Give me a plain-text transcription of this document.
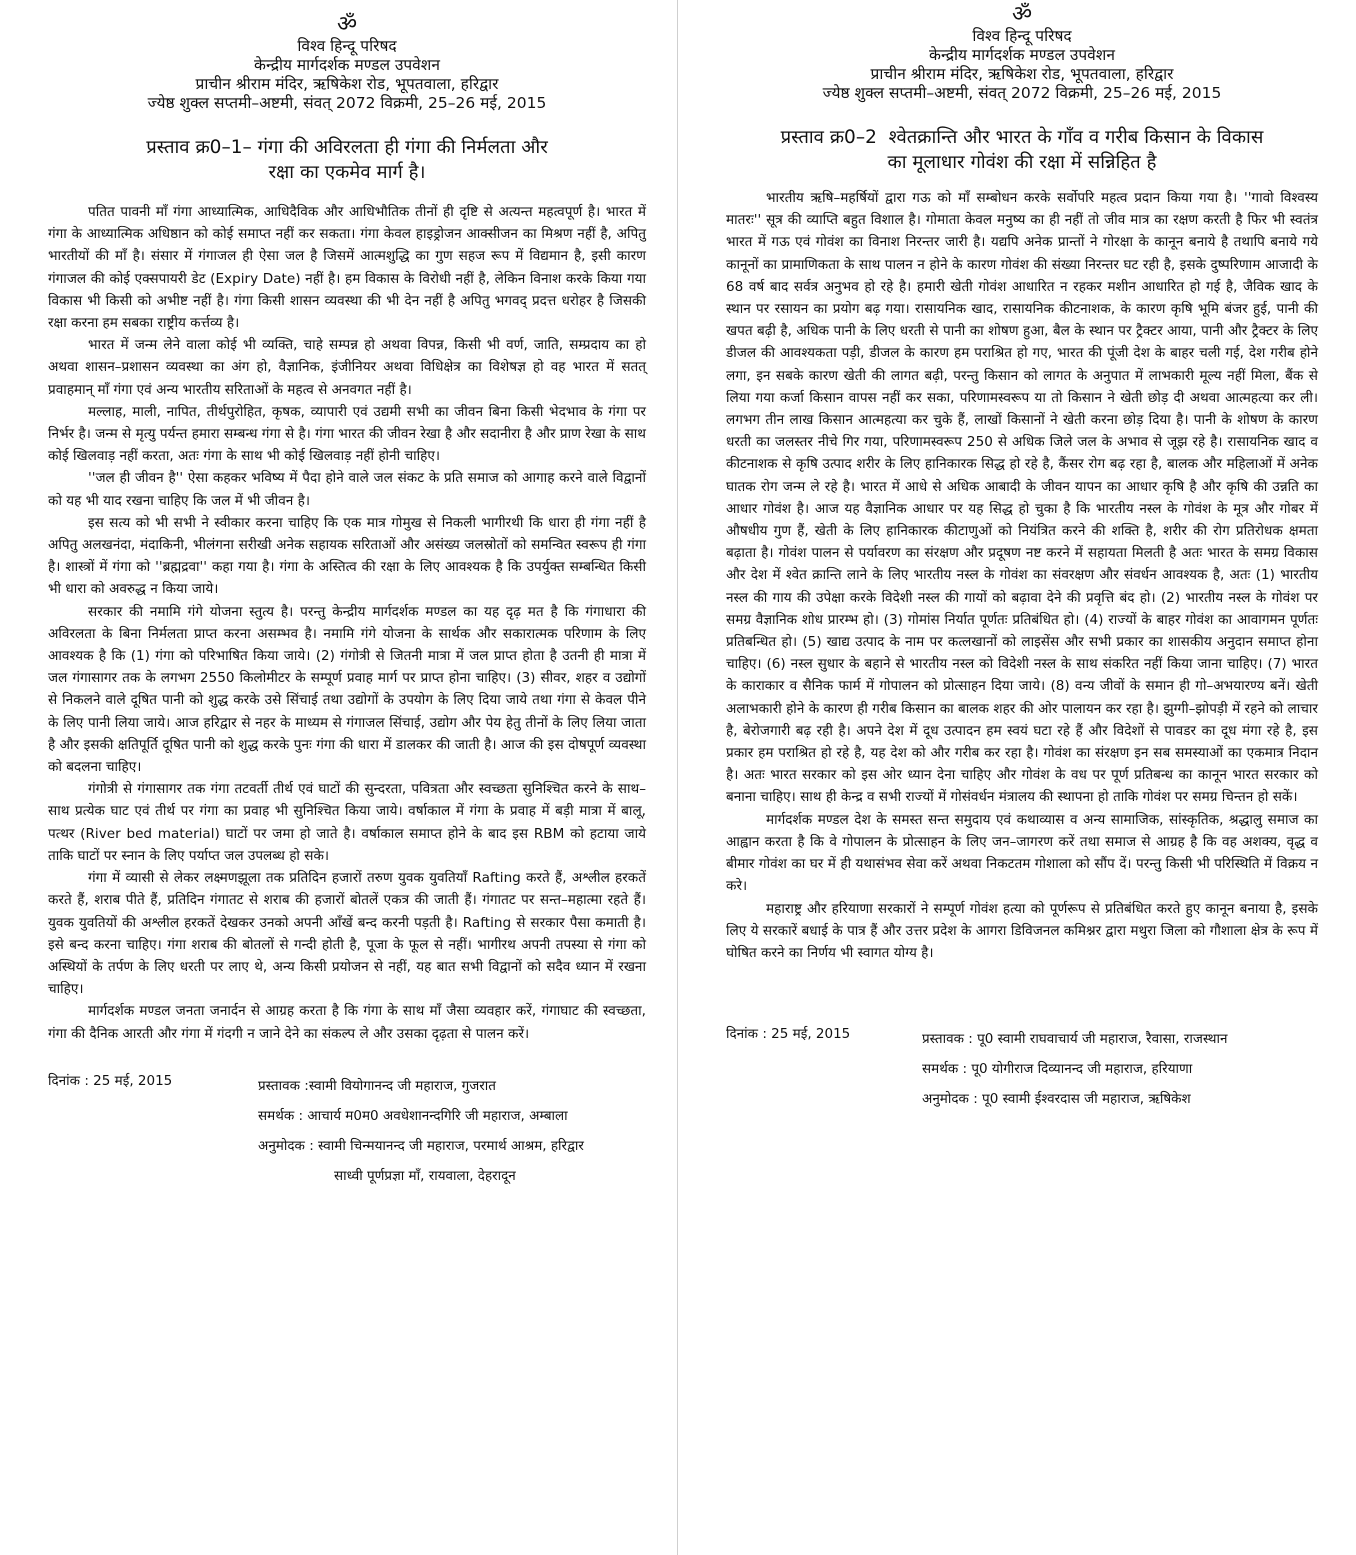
ॐ
विश्व हिन्दू परिषद
केन्द्रीय मार्गदर्शक मण्डल उपवेशन
प्राचीन श्रीराम मंदिर, ऋषिकेश रोड, भूपतवाला, हरिद्वार
ज्येष्ठ शुक्ल सप्तमी–अष्टमी, संवत् 2072 विक्रमी, 25–26 मई, 2015
प्रस्ताव क्र0–1– गंगा की अविरलता ही गंगा की निर्मलता और
रक्षा का एकमेव मार्ग है।

पतित पावनी माँ गंगा आध्यात्मिक, आधिदैविक और आधिभौतिक तीनों ही दृष्टि से अत्यन्त महत्वपूर्ण है। भारत में गंगा के आध्यात्मिक अधिष्ठान को कोई समाप्त नहीं कर सकता। गंगा केवल हाइड्रोजन आक्सीजन का मिश्रण नहीं है, अपितु भारतीयों की माँ है। संसार में गंगाजल ही ऐसा जल है जिसमें आत्मशुद्धि का गुण सहज रूप में विद्यमान है, इसी कारण गंगाजल की कोई एक्सपायरी डेट (Expiry Date) नहीं है। हम विकास के विरोधी नहीं है, लेकिन विनाश करके किया गया विकास भी किसी को अभीष्ट नहीं है। गंगा किसी शासन व्यवस्था की भी देन नहीं है अपितु भगवद् प्रदत्त धरोहर है जिसकी रक्षा करना हम सबका राष्ट्रीय कर्त्तव्य है।

भारत में जन्म लेने वाला कोई भी व्यक्ति, चाहे सम्पन्न हो अथवा विपन्न, किसी भी वर्ण, जाति, सम्प्रदाय का हो अथवा शासन–प्रशासन व्यवस्था का अंग हो, वैज्ञानिक, इंजीनियर अथवा विधिक्षेत्र का विशेषज्ञ हो वह भारत में सतत् प्रवाहमान् माँ गंगा एवं अन्य भारतीय सरिताओं के महत्व से अनवगत नहीं है।

मल्लाह, माली, नापित, तीर्थपुरोहित, कृषक, व्यापारी एवं उद्यमी सभी का जीवन बिना किसी भेदभाव के गंगा पर निर्भर है। जन्म से मृत्यु पर्यन्त हमारा सम्बन्ध गंगा से है। गंगा भारत की जीवन रेखा है और सदानीरा है और प्राण रेखा के साथ कोई खिलवाड़ नहीं करता, अतः गंगा के साथ भी कोई खिलवाड़ नहीं होनी चाहिए।

''जल ही जीवन है'' ऐसा कहकर भविष्य में पैदा होने वाले जल संकट के प्रति समाज को आगाह करने वाले विद्वानों को यह भी याद रखना चाहिए कि जल में भी जीवन है।

इस सत्य को भी सभी ने स्वीकार करना चाहिए कि एक मात्र गोमुख से निकली भागीरथी कि धारा ही गंगा नहीं है अपितु अलखनंदा, मंदाकिनी, भीलंगना सरीखी अनेक सहायक सरिताओं और असंख्य जलस्रोतों को समन्वित स्वरूप ही गंगा है। शास्त्रों में गंगा को ''ब्रह्मद्रवा'' कहा गया है। गंगा के अस्तित्व की रक्षा के लिए आवश्यक है कि उपर्युक्त सम्बन्धित किसी भी धारा को अवरुद्ध न किया जाये।

सरकार की नमामि गंगे योजना स्तुत्य है। परन्तु केन्द्रीय मार्गदर्शक मण्डल का यह दृढ़ मत है कि गंगाधारा की अविरलता के बिना निर्मलता प्राप्त करना असम्भव है। नमामि गंगे योजना के सार्थक और सकारात्मक परिणाम के लिए आवश्यक है कि (1) गंगा को परिभाषित किया जाये। (2) गंगोत्री से जितनी मात्रा में जल प्राप्त होता है उतनी ही मात्रा में जल गंगासागर तक के लगभग 2550 किलोमीटर के सम्पूर्ण प्रवाह मार्ग पर प्राप्त होना चाहिए। (3) सीवर, शहर व उद्योगों से निकलने वाले दूषित पानी को शुद्ध करके उसे सिंचाई तथा उद्योगों के उपयोग के लिए दिया जाये तथा गंगा से केवल पीने के लिए पानी लिया जाये। आज हरिद्वार से नहर के माध्यम से गंगाजल सिंचाई, उद्योग और पेय हेतु तीनों के लिए लिया जाता है और इसकी क्षतिपूर्ति दूषित पानी को शुद्ध करके पुनः गंगा की धारा में डालकर की जाती है। आज की इस दोषपूर्ण व्यवस्था को बदलना चाहिए।

गंगोत्री से गंगासागर तक गंगा तटवर्ती तीर्थ एवं घाटों की सुन्दरता, पवित्रता और स्वच्छता सुनिश्चित करने के साथ–साथ प्रत्येक घाट एवं तीर्थ पर गंगा का प्रवाह भी सुनिश्चित किया जाये। वर्षाकाल में गंगा के प्रवाह में बड़ी मात्रा में बालू, पत्थर (River bed material) घाटों पर जमा हो जाते है। वर्षाकाल समाप्त होने के बाद इस RBM को हटाया जाये ताकि घाटों पर स्नान के लिए पर्याप्त जल उपलब्ध हो सके।

गंगा में व्यासी से लेकर लक्ष्मणझूला तक प्रतिदिन हजारों तरुण युवक युवतियाँ Rafting करते हैं, अश्लील हरकतें करते हैं, शराब पीते हैं, प्रतिदिन गंगातट से शराब की हजारों बोतलें एकत्र की जाती हैं। गंगातट पर सन्त–महात्मा रहते हैं। युवक युवतियों की अश्लील हरकतें देखकर उनको अपनी आँखें बन्द करनी पड़ती है। Rafting से सरकार पैसा कमाती है। इसे बन्द करना चाहिए। गंगा शराब की बोतलों से गन्दी होती है, पूजा के फूल से नहीं। भागीरथ अपनी तपस्या से गंगा को अस्थियों के तर्पण के लिए धरती पर लाए थे, अन्य किसी प्रयोजन से नहीं, यह बात सभी विद्वानों को सदैव ध्यान में रखना चाहिए।

मार्गदर्शक मण्डल जनता जनार्दन से आग्रह करता है कि गंगा के साथ माँ जैसा व्यवहार करें, गंगाघाट की स्वच्छता, गंगा की दैनिक आरती और गंगा में गंदगी न जाने देने का संकल्प ले और उसका दृढ़ता से पालन करें।

दिनांक : 25 मई, 2015	प्रस्तावक :स्वामी वियोगानन्द जी महाराज, गुजरात
समर्थक : आचार्य म0म0 अवधेशानन्दगिरि जी महाराज, अम्बाला
अनुमोदक : स्वामी चिन्मयानन्द जी महाराज, परमार्थ आश्रम, हरिद्वार
साध्वी पूर्णप्रज्ञा माँ, रायवाला, देहरादून
ॐ
विश्व हिन्दू परिषद
केन्द्रीय मार्गदर्शक मण्डल उपवेशन
प्राचीन श्रीराम मंदिर, ऋषिकेश रोड, भूपतवाला, हरिद्वार
ज्येष्ठ शुक्ल सप्तमी–अष्टमी, संवत् 2072 विक्रमी, 25–26 मई, 2015
प्रस्ताव क्र0–2  श्वेतक्रान्ति और भारत के गाँव व गरीब किसान के विकास
का मूलाधार गोवंश की रक्षा में सन्निहित है

भारतीय ऋषि–महर्षियों द्वारा गऊ को माँ सम्बोधन करके सर्वोपरि महत्व प्रदान किया गया है। ''गावो विश्वस्य मातरः'' सूत्र की व्याप्ति बहुत विशाल है। गोमाता केवल मनुष्य का ही नहीं तो जीव मात्र का रक्षण करती है फिर भी स्वतंत्र भारत में गऊ एवं गोवंश का विनाश निरन्तर जारी है। यद्यपि अनेक प्रान्तों ने गोरक्षा के कानून बनाये है तथापि बनाये गये कानूनों का प्रामाणिकता के साथ पालन न होने के कारण गोवंश की संख्या निरन्तर घट रही है, इसके दुष्परिणाम आजादी के 68 वर्ष बाद सर्वत्र अनुभव हो रहे है। हमारी खेती गोवंश आधारित न रहकर मशीन आधारित हो गई है, जैविक खाद के स्थान पर रसायन का प्रयोग बढ़ गया। रासायनिक खाद, रासायनिक कीटनाशक, के कारण कृषि भूमि बंजर हुई, पानी की खपत बढ़ी है, अधिक पानी के लिए धरती से पानी का शोषण हुआ, बैल के स्थान पर ट्रैक्टर आया, पानी और ट्रैक्टर के लिए डीजल की आवश्यकता पड़ी, डीजल के कारण हम पराश्रित हो गए, भारत की पूंजी देश के बाहर चली गई, देश गरीब होने लगा, इन सबके कारण खेती की लागत बढ़ी, परन्तु किसान को लागत के अनुपात में लाभकारी मूल्य नहीं मिला, बैंक से लिया गया कर्जा किसान वापस नहीं कर सका, परिणामस्वरूप या तो किसान ने खेती छोड़ दी अथवा आत्महत्या कर ली। लगभग तीन लाख किसान आत्महत्या कर चुके हैं, लाखों किसानों ने खेती करना छोड़ दिया है। पानी के शोषण के कारण धरती का जलस्तर नीचे गिर गया, परिणामस्वरूप 250 से अधिक जिले जल के अभाव से जूझ रहे है। रासायनिक खाद व कीटनाशक से कृषि उत्पाद शरीर के लिए हानिकारक सिद्ध हो रहे है, कैंसर रोग बढ़ रहा है, बालक और महिलाओं में अनेक घातक रोग जन्म ले रहे है। भारत में आधे से अधिक आबादी के जीवन यापन का आधार कृषि है और कृषि की उन्नति का आधार गोवंश है। आज यह वैज्ञानिक आधार पर यह सिद्ध हो चुका है कि भारतीय नस्ल के गोवंश के मूत्र और गोबर में औषधीय गुण हैं, खेती के लिए हानिकारक कीटाणुओं को नियंत्रित करने की शक्ति है, शरीर की रोग प्रतिरोधक क्षमता बढ़ाता है। गोवंश पालन से पर्यावरण का संरक्षण और प्रदूषण नष्ट करने में सहायता मिलती है अतः भारत के समग्र विकास और देश में श्वेत क्रान्ति लाने के लिए भारतीय नस्ल के गोवंश का संवरक्षण और संवर्धन आवश्यक है, अतः (1) भारतीय नस्ल की गाय की उपेक्षा करके विदेशी नस्ल की गायों को बढ़ावा देने की प्रवृत्ति बंद हो। (2) भारतीय नस्ल के गोवंश पर समग्र वैज्ञानिक शोध प्रारम्भ हो। (3) गोमांस निर्यात पूर्णतः प्रतिबंधित हो। (4) राज्यों के बाहर गोवंश का आवागमन पूर्णतः प्रतिबन्धित हो। (5) खाद्य उत्पाद के नाम पर कत्लखानों को लाइसेंस और सभी प्रकार का शासकीय अनुदान समाप्त होना चाहिए। (6) नस्ल सुधार के बहाने से भारतीय नस्ल को विदेशी नस्ल के साथ संकरित नहीं किया जाना चाहिए। (7) भारत के काराकार व सैनिक फार्म में गोपालन को प्रोत्साहन दिया जाये। (8) वन्य जीवों के समान ही गो–अभयारण्य बनें। खेती अलाभकारी होने के कारण ही गरीब किसान का बालक शहर की ओर पालायन कर रहा है। झुग्गी–झोपड़ी में रहने को लाचार है, बेरोजगारी बढ़ रही है। अपने देश में दूध उत्पादन हम स्वयं घटा रहे हैं और विदेशों से पावडर का दूध मंगा रहे है, इस प्रकार हम पराश्रित हो रहे है, यह देश को और गरीब कर रहा है। गोवंश का संरक्षण इन सब समस्याओं का एकमात्र निदान है। अतः भारत सरकार को इस ओर ध्यान देना चाहिए और गोवंश के वध पर पूर्ण प्रतिबन्ध का कानून भारत सरकार को बनाना चाहिए। साथ ही केन्द्र व सभी राज्यों में गोसंवर्धन मंत्रालय की स्थापना हो ताकि गोवंश पर समग्र चिन्तन हो सकें।

मार्गदर्शक मण्डल देश के समस्त सन्त समुदाय एवं कथाव्यास व अन्य सामाजिक, सांस्कृतिक, श्रद्धालु समाज का आह्वान करता है कि वे गोपालन के प्रोत्साहन के लिए जन–जागरण करें तथा समाज से आग्रह है कि वह अशक्य, वृद्ध व बीमार गोवंश का घर में ही यथासंभव सेवा करें अथवा निकटतम गोशाला को सौंप दें। परन्तु किसी भी परिस्थिति में विक्रय न करे।

महाराष्ट्र और हरियाणा सरकारों ने सम्पूर्ण गोवंश हत्या को पूर्णरूप से प्रतिबंधित करते हुए कानून बनाया है, इसके लिए ये सरकारें बधाई के पात्र हैं और उत्तर प्रदेश के आगरा डिविजनल कमिश्नर द्वारा मथुरा जिला को गौशाला क्षेत्र के रूप में घोषित करने का निर्णय भी स्वागत योग्य है।

दिनांक : 25 मई, 2015	प्रस्तावक : पू0 स्वामी राघवाचार्य जी महाराज, रैवासा, राजस्थान
समर्थक : पू0 योगीराज दिव्यानन्द जी महाराज, हरियाणा
अनुमोदक : पू0 स्वामी ईश्वरदास जी महाराज, ऋषिकेश
